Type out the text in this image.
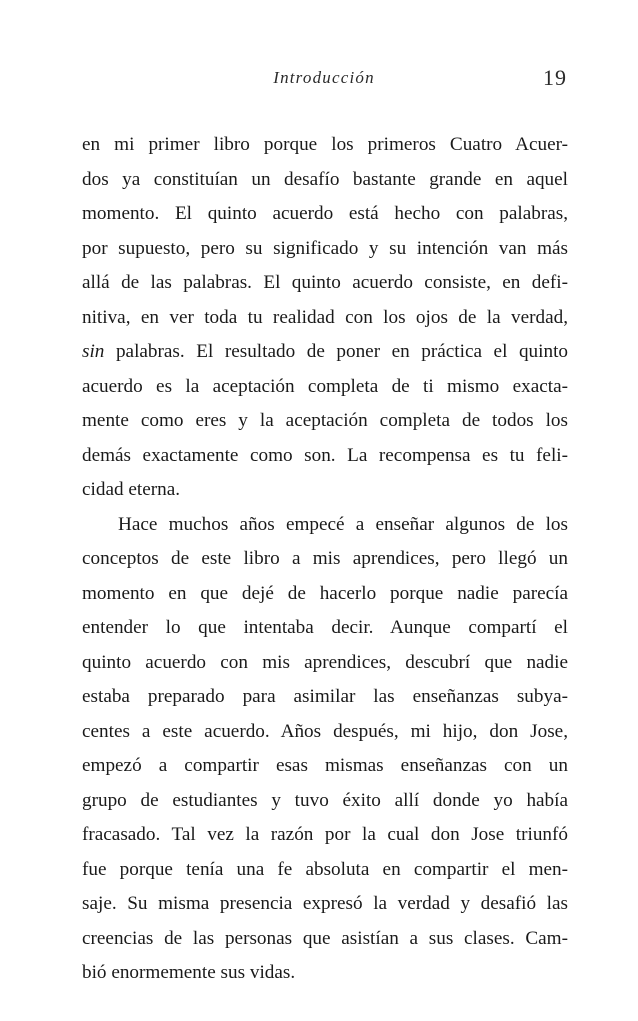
Introducción	19
en mi primer libro porque los primeros Cuatro Acuer-
dos ya constituían un desafío bastante grande en aquel
momento. El quinto acuerdo está hecho con palabras,
por supuesto, pero su significado y su intención van más
allá de las palabras. El quinto acuerdo consiste, en defi-
nitiva, en ver toda tu realidad con los ojos de la verdad,
sin palabras. El resultado de poner en práctica el quinto
acuerdo es la aceptación completa de ti mismo exacta-
mente como eres y la aceptación completa de todos los
demás exactamente como son. La recompensa es tu feli-
cidad eterna.
Hace muchos años empecé a enseñar algunos de los
conceptos de este libro a mis aprendices, pero llegó un
momento en que dejé de hacerlo porque nadie parecía
entender lo que intentaba decir. Aunque compartí el
quinto acuerdo con mis aprendices, descubrí que nadie
estaba preparado para asimilar las enseñanzas subya-
centes a este acuerdo. Años después, mi hijo, don Jose,
empezó a compartir esas mismas enseñanzas con un
grupo de estudiantes y tuvo éxito allí donde yo había
fracasado. Tal vez la razón por la cual don Jose triunfó
fue porque tenía una fe absoluta en compartir el men-
saje. Su misma presencia expresó la verdad y desafió las
creencias de las personas que asistían a sus clases. Cam-
bió enormemente sus vidas.
